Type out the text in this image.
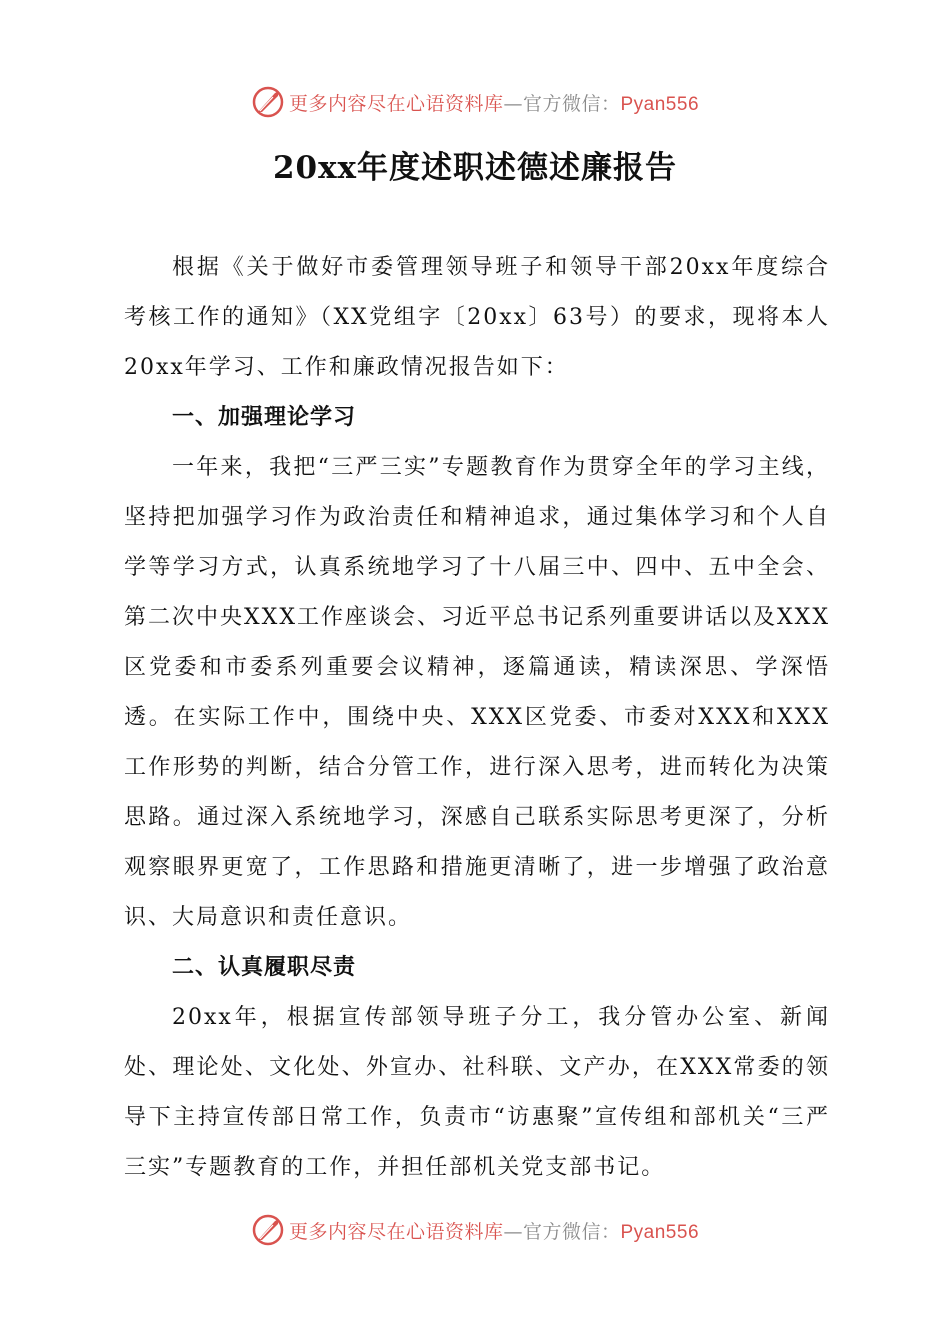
更多内容尽在心语资料库—官方微信：Pyan556
20xx年度述职述德述廉报告

根据《关于做好市委管理领导班子和领导干部20xx年度综合考核工作的通知》（XX党组字〔20xx〕63号）的要求，现将本人20xx年学习、工作和廉政情况报告如下：

一、加强理论学习

一年来，我把“三严三实”专题教育作为贯穿全年的学习主线，坚持把加强学习作为政治责任和精神追求，通过集体学习和个人自学等学习方式，认真系统地学习了十八届三中、四中、五中全会、第二次中央XXX工作座谈会、习近平总书记系列重要讲话以及XXX区党委和市委系列重要会议精神，逐篇通读，精读深思、学深悟透。在实际工作中，围绕中央、XXX区党委、市委对XXX和XXX工作形势的判断，结合分管工作，进行深入思考，进而转化为决策思路。通过深入系统地学习，深感自己联系实际思考更深了，分析观察眼界更宽了，工作思路和措施更清晰了，进一步增强了政治意识、大局意识和责任意识。

二、认真履职尽责

20xx年，根据宣传部领导班子分工，我分管办公室、新闻处、理论处、文化处、外宣办、社科联、文产办，在XXX常委的领导下主持宣传部日常工作，负责市“访惠聚”宣传组和部机关“三严三实”专题教育的工作，并担任部机关党支部书记。

更多内容尽在心语资料库—官方微信：Pyan556
